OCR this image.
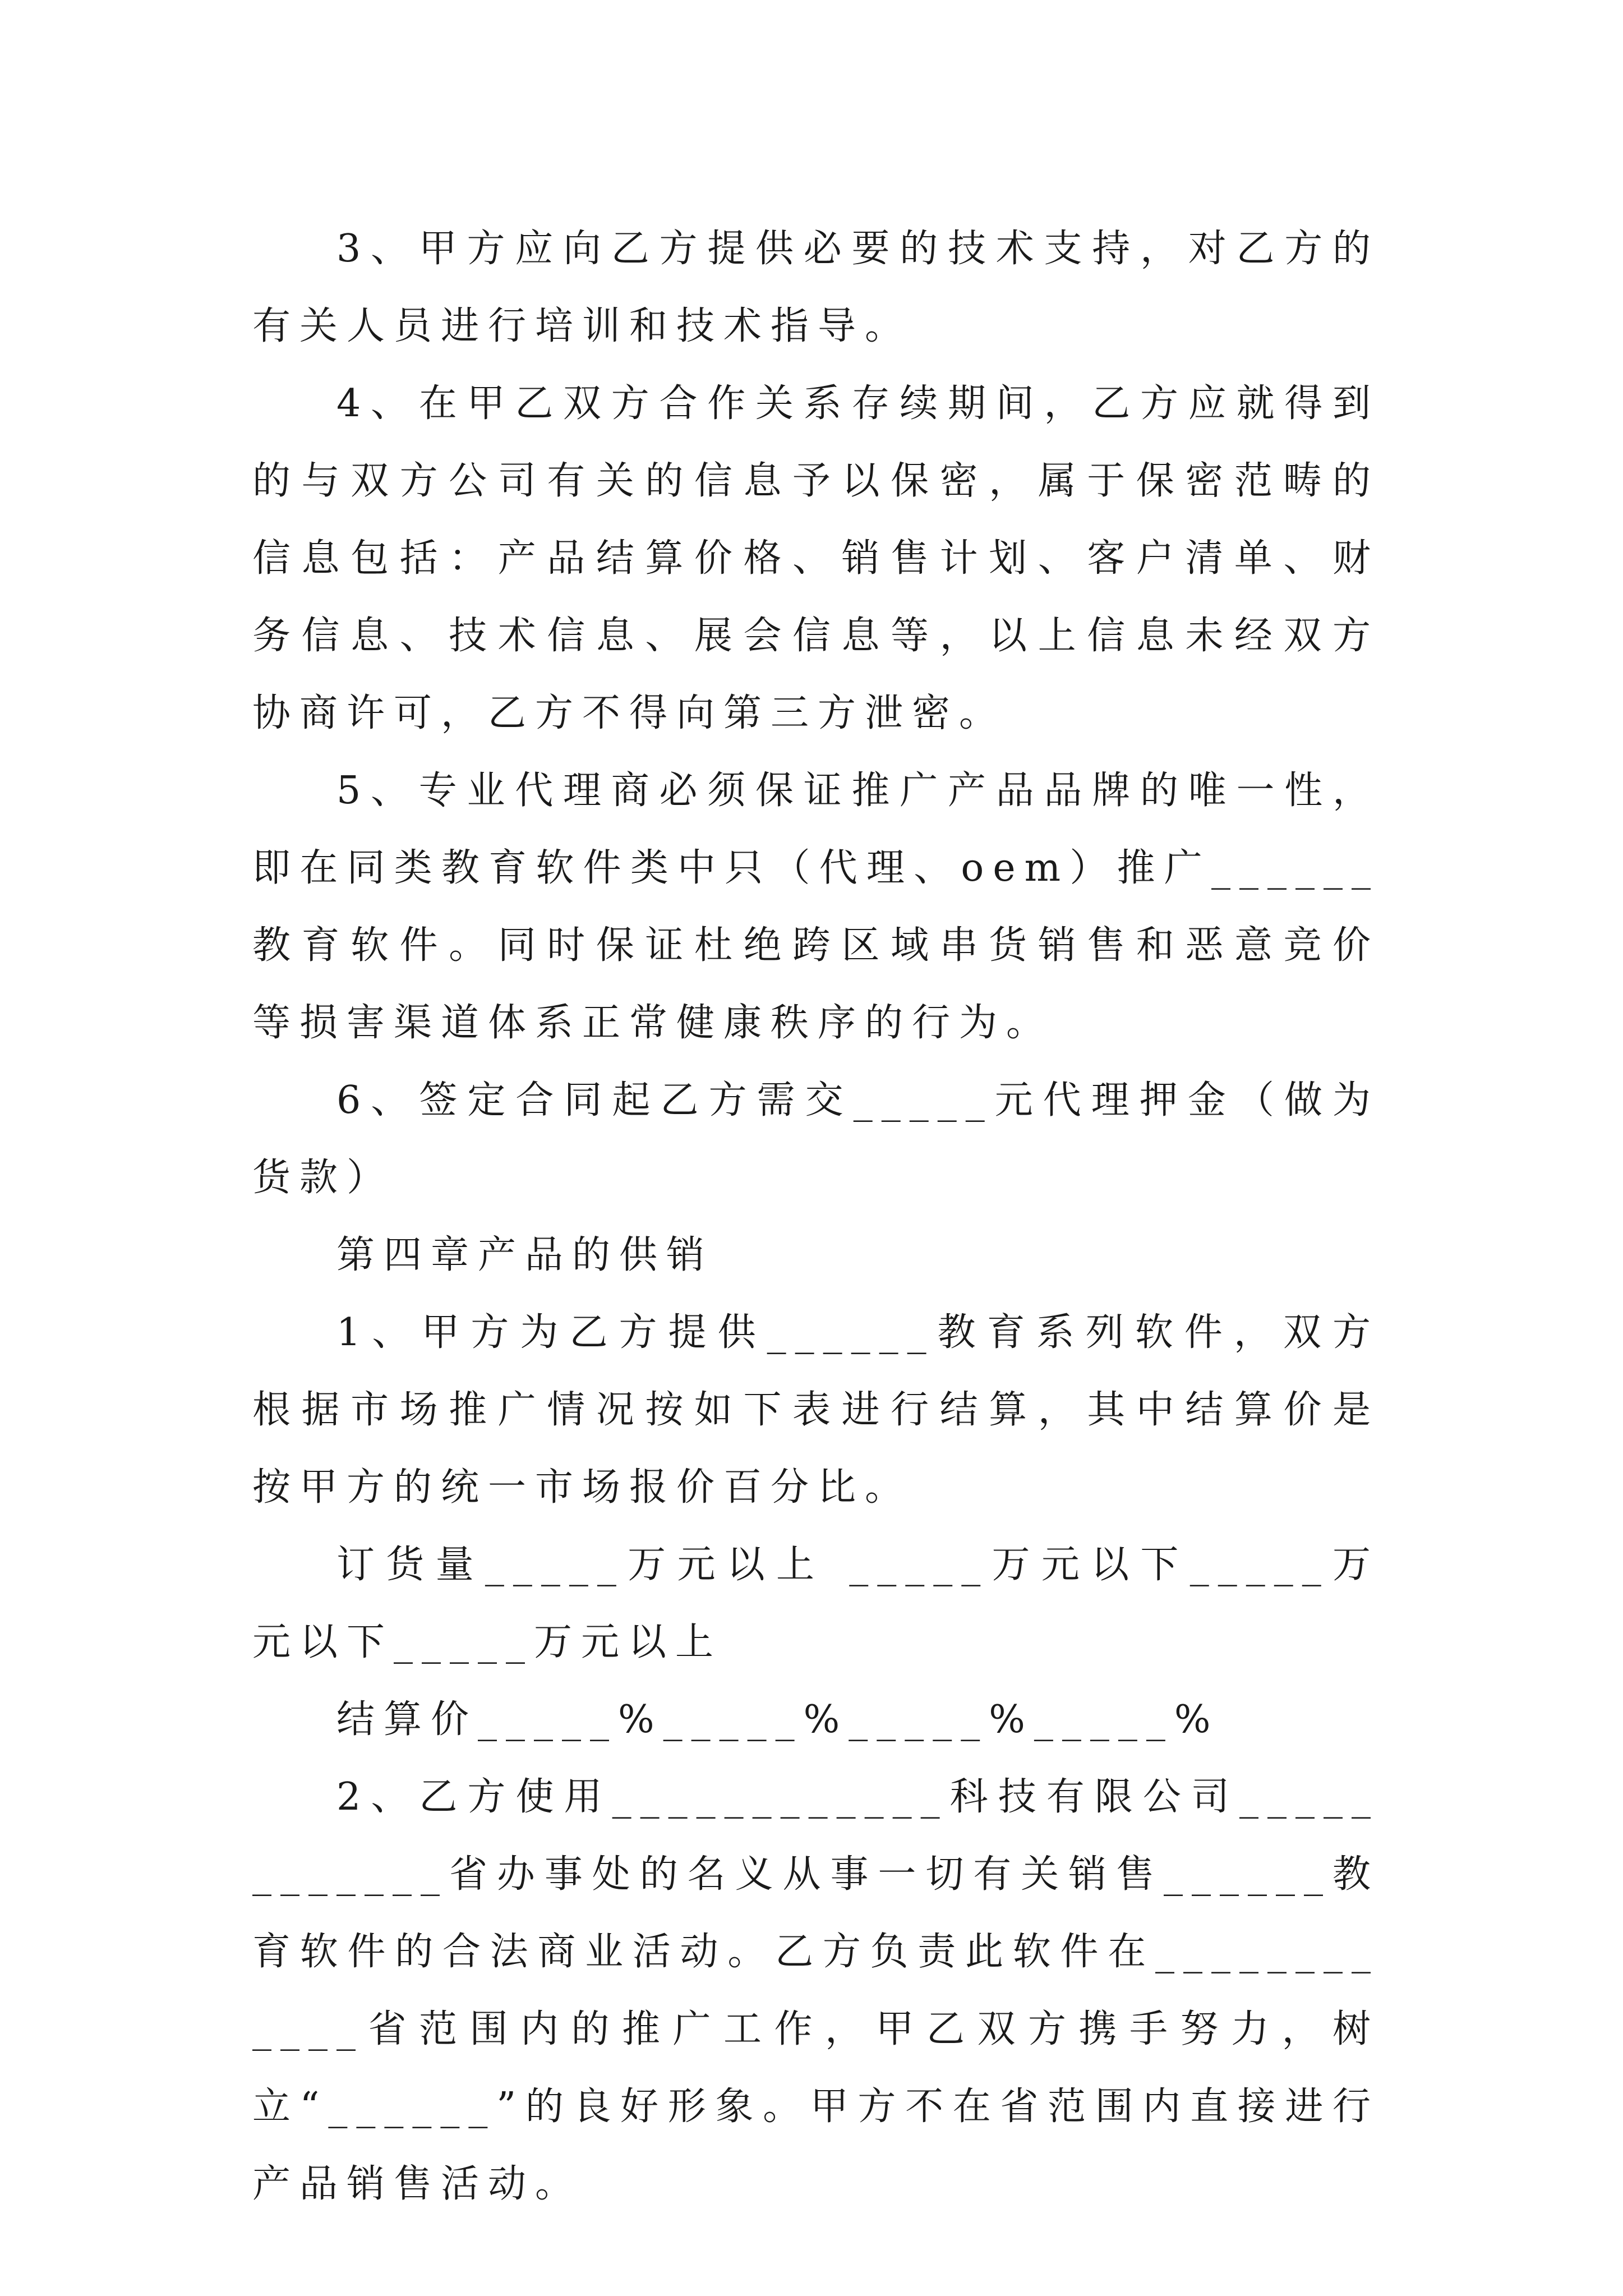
3、甲方应向乙方提供必要的技术支持，对乙方的有关人员进行培训和技术指导。

4、在甲乙双方合作关系存续期间，乙方应就得到的与双方公司有关的信息予以保密，属于保密范畴的信息包括：产品结算价格、销售计划、客户清单、财务信息、技术信息、展会信息等，以上信息未经双方协商许可，乙方不得向第三方泄密。

5、专业代理商必须保证推广产品品牌的唯一性，即在同类教育软件类中只（代理、oem）推广______教育软件。同时保证杜绝跨区域串货销售和恶意竞价等损害渠道体系正常健康秩序的行为。

6、签定合同起乙方需交_____元代理押金（做为货款）

第四章产品的供销

1、甲方为乙方提供______教育系列软件，双方根据市场推广情况按如下表进行结算，其中结算价是按甲方的统一市场报价百分比。

订货量_____万元以上 _____万元以下_____万元以下_____万元以上

结算价_____%_____%_____%_____%

2、乙方使用____________科技有限公司____________省办事处的名义从事一切有关销售______教育软件的合法商业活动。乙方负责此软件在____________省范围内的推广工作，甲乙双方携手努力，树立“______”的良好形象。甲方不在省范围内直接进行产品销售活动。
